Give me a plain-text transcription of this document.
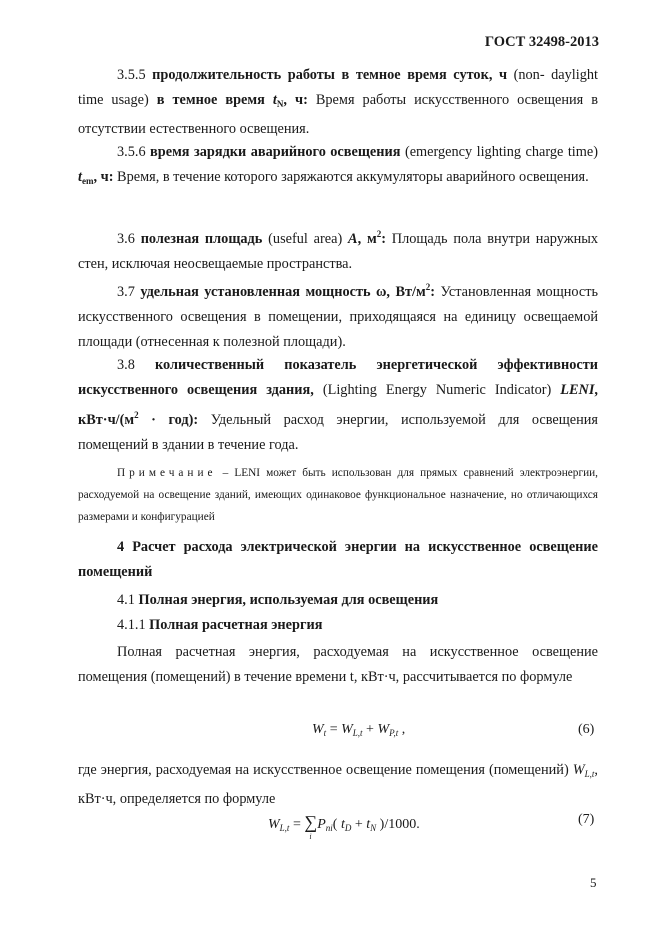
ГОСТ 32498-2013
3.5.5 продолжительность работы в темное время суток, ч (non- daylight time usage) в темное время $t_N$, ч: Время работы искусственного освещения в отсутствии естественного освещения.
3.5.6 время зарядки аварийного освещения (emergency lighting charge time) $t_{em}$, ч: Время, в течение которого заряжаются аккумуляторы аварийного освещения.
3.6 полезная площадь (useful area) A, $м^2$: Площадь пола внутри наружных стен, исключая неосвещаемые пространства.
3.7 удельная установленная мощность ω, $Вт/м^2$: Установленная мощность искусственного освещения в помещении, приходящаяся на единицу освещаемой площади (отнесенная к полезной площади).
3.8 количественный показатель энергетической эффективности искусственного освещения здания, (Lighting Energy Numeric Indicator) LENI, $кВт\cdot ч/(м^2 \cdot год)$: Удельный расход энергии, используемой для освещения помещений в здании в течение года.
Примечание – LENI может быть использован для прямых сравнений электроэнергии, расходуемой на освещение зданий, имеющих одинаковое функциональное назначение, но отличающихся размерами и конфигурацией
4 Расчет расхода электрической энергии на искусственное освещение помещений
4.1 Полная энергия, используемая для освещения
4.1.1 Полная расчетная энергия
Полная расчетная энергия, расходуемая на искусственное освещение помещения (помещений) в течение времени t, кВт·ч, рассчитывается по формуле
$W_t = W_{L,t} + W_{P,t}$ ,	(6)
где энергия, расходуемая на искусственное освещение помещения (помещений) $W_{L,t}$, кВт·ч, определяется по формуле
$W_{L,t}$ = ∑
i
$P_{ni}$( $t_D + t_N$ )/1000.	(7)
5
